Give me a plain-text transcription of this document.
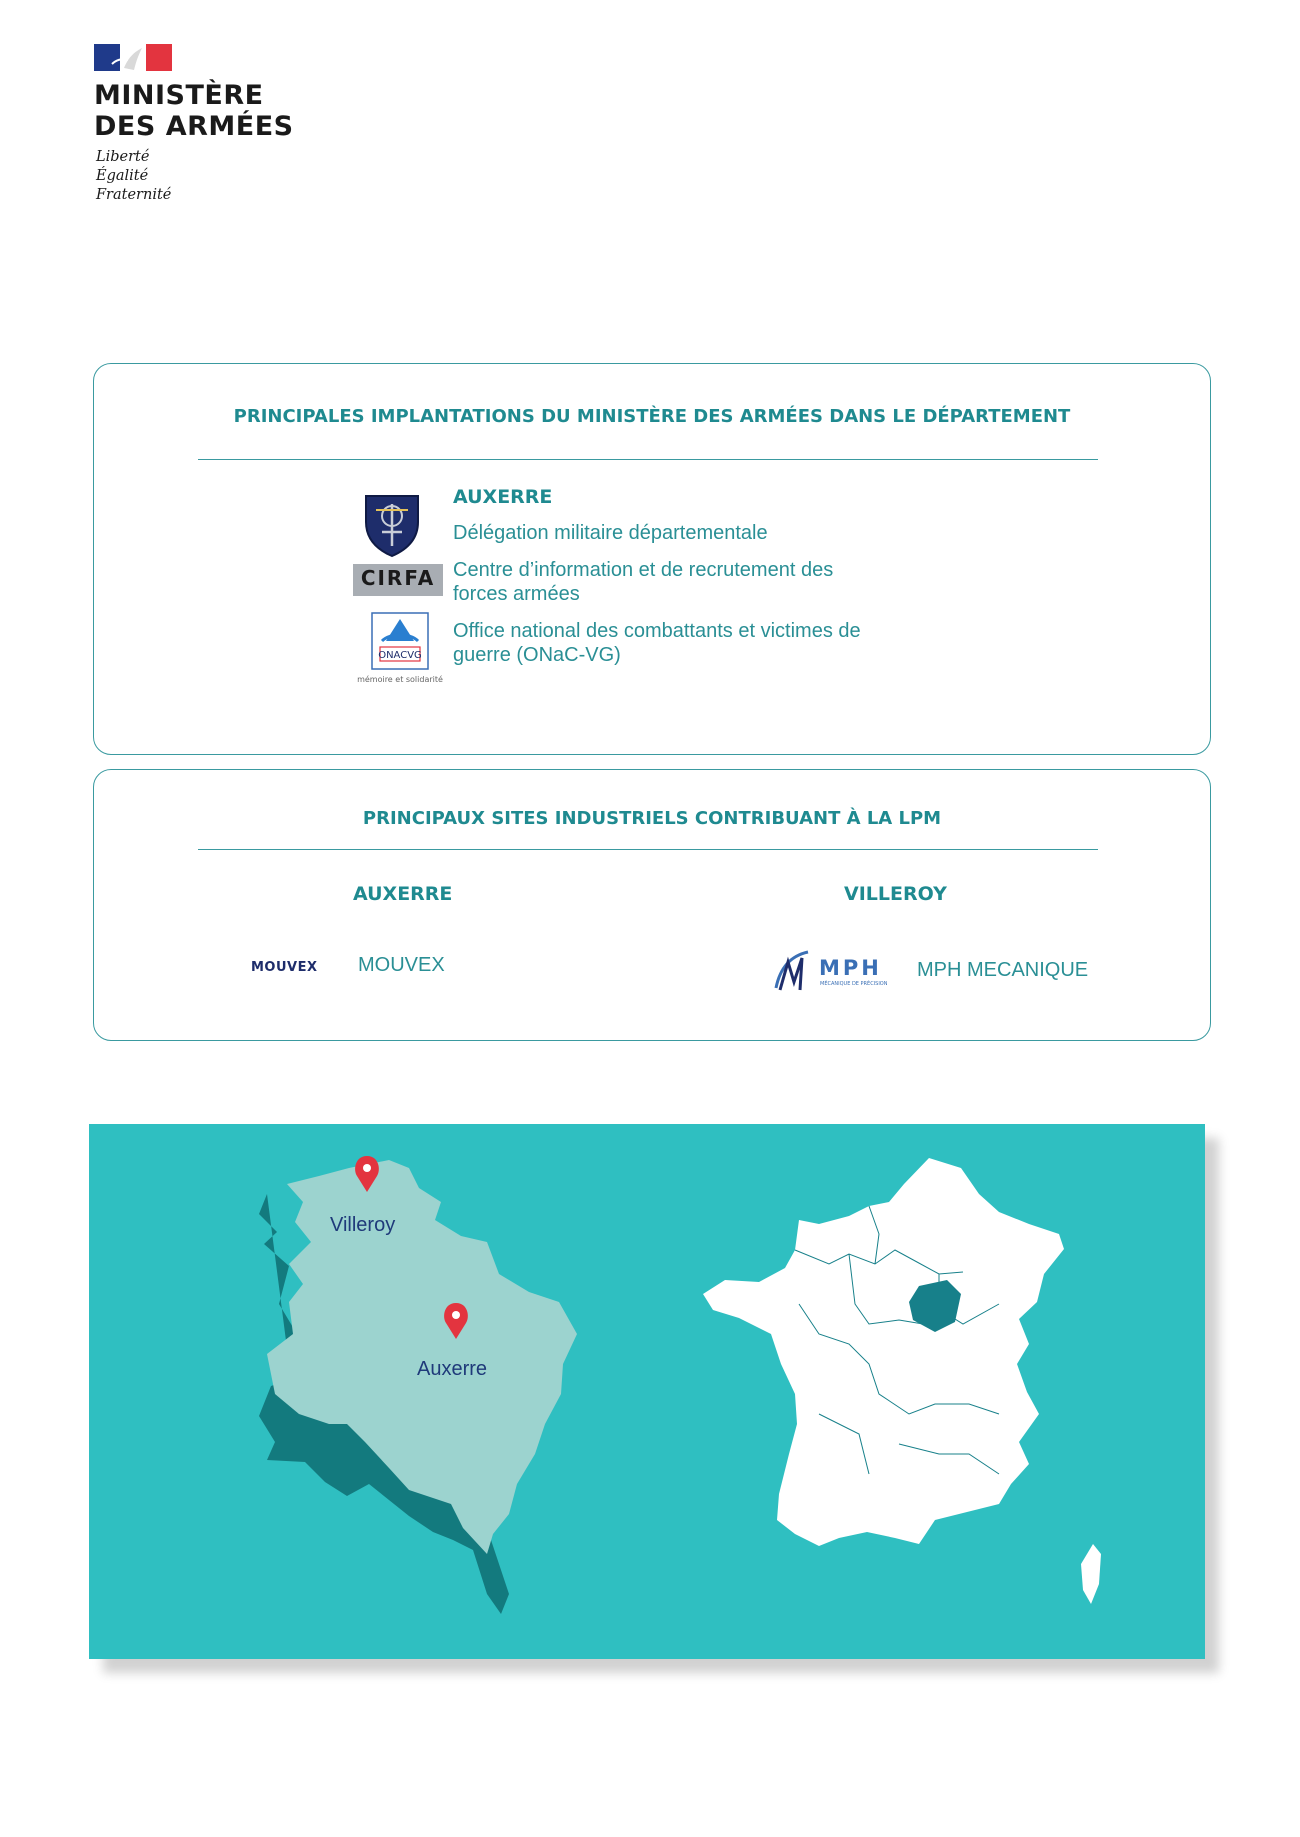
MINISTÈRE
DES ARMÉES
Liberté
Égalité
Fraternité
PRINCIPALES IMPLANTATIONS DU MINISTÈRE DES ARMÉES DANS LE DÉPARTEMENT
CIRFA
ONACVG
mémoire et solidarité
AUXERRE
Délégation militaire départementale
Centre d’information et de recrutement des forces armées
Office national des combattants et victimes de guerre (ONaC-VG)
PRINCIPAUX SITES INDUSTRIELS CONTRIBUANT À LA LPM
AUXERRE	VILLEROY
MOUVEX MOUVEX	MPH
MÉCANIQUE DE PRÉCISION
MPH MECANIQUE
Villeroy
Auxerre
